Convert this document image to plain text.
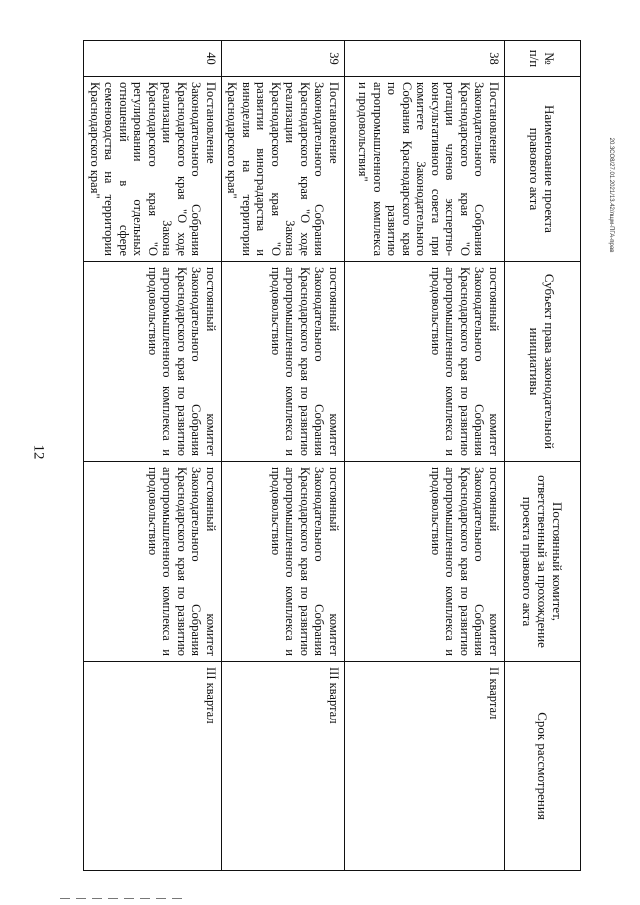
12
20.3СО8/27.01.2021/13.42/лщм-ПГА-прав
№ п/п	Наименование проекта правового акта	Субъект права законодательной инициативы	Постоянный комитет, ответственный за прохождение проекта правового акта	Срок рассмотрения
38	Постановление Законодательного Собрания Краснодарского края "О ротации членов экспертно-консультативного совета при комитете Законодательного Собрания Краснодарского края по развитию агропромышленного комплекса и продовольствия"	постоянный комитет Законодательного Собрания Краснодарского края по развитию агропромышленного комплекса и продовольствию	постоянный комитет Законодательного Собрания Краснодарского края по развитию агропромышленного комплекса и продовольствию	II квартал
39	Постановление Законодательного Собрания Краснодарского края "О ходе реализации Закона Краснодарского края "О развитии виноградарства и виноделия на территории Краснодарского края"	постоянный комитет Законодательного Собрания Краснодарского края по развитию агропромышленного комплекса и продовольствию	постоянный комитет Законодательного Собрания Краснодарского края по развитию агропромышленного комплекса и продовольствию	III квартал
40	Постановление Законодательного Собрания Краснодарского края "О ходе реализации Закона Краснодарского края "О регулировании отдельных отношений в сфере семеноводства на территории Краснодарского края"	постоянный комитет Законодательного Собрания Краснодарского края по развитию агропромышленного комплекса и продовольствию	постоянный комитет Законодательного Собрания Краснодарского края по развитию агропромышленного комплекса и продовольствию	III квартал
